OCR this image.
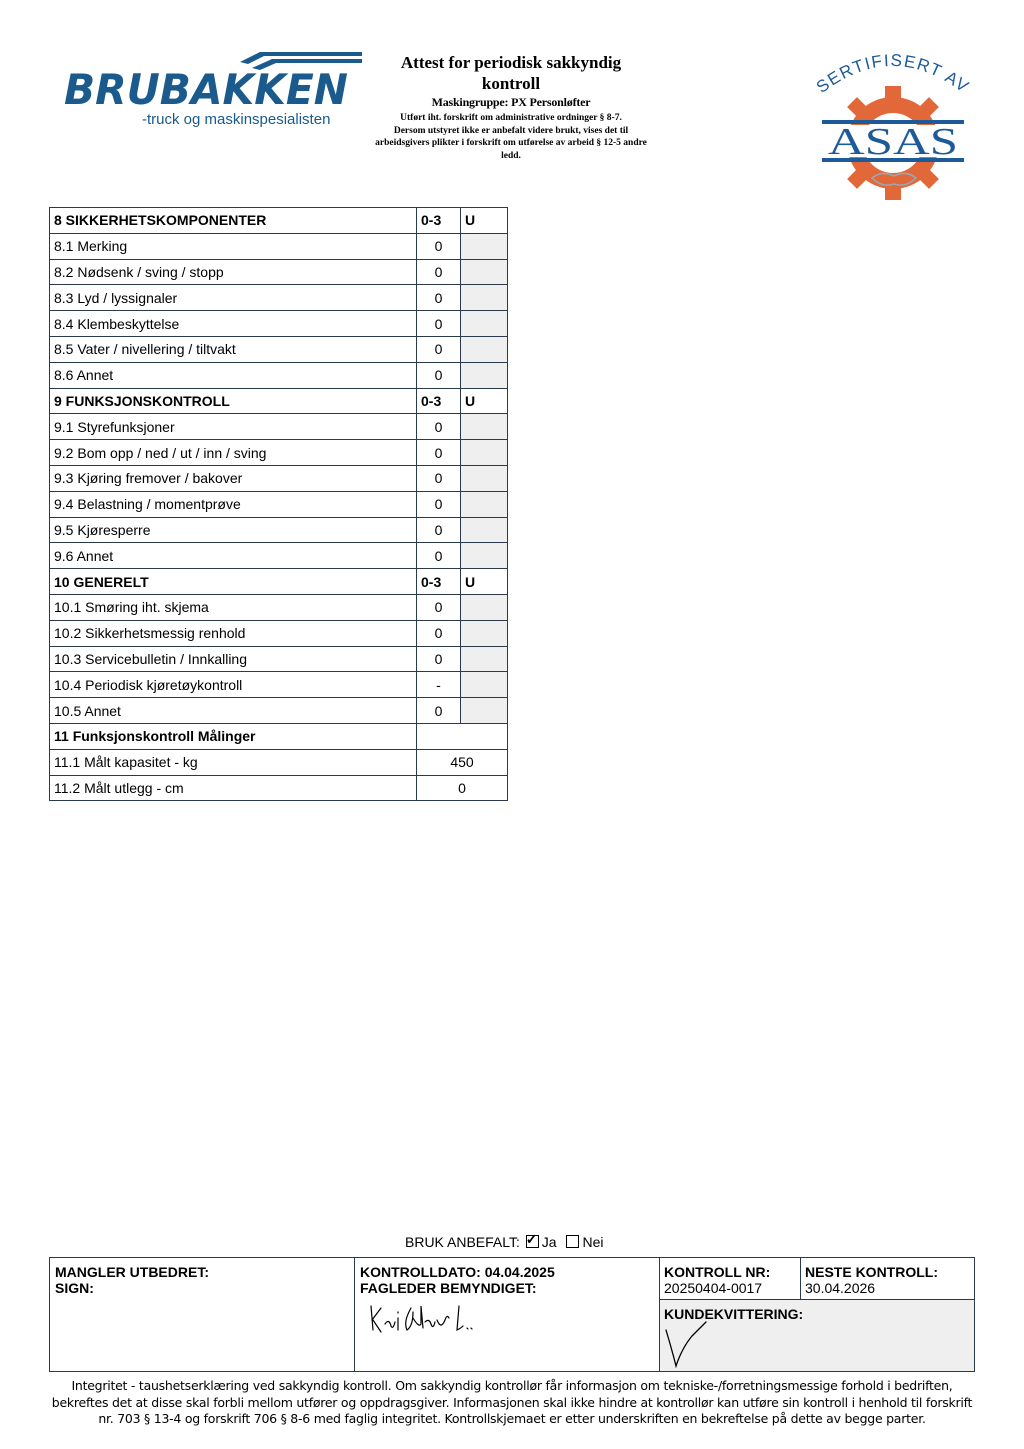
BRUBAKKEN
-truck og maskinspesialisten
Attest for periodisk sakkyndig
kontroll
Maskingruppe: PX Personløfter
Utført iht. forskrift om administrative ordninger § 8-7.
Dersom utstyret ikke er anbefalt videre brukt, vises det til
arbeidsgivers plikter i forskrift om utførelse av arbeid § 12-5 andre
ledd.
SERTIFISERT AV
ASAS
8 SIKKERHETSKOMPONENTER	0-3	U
8.1 Merking	0	
8.2 Nødsenk / sving / stopp	0	
8.3 Lyd / lyssignaler	0	
8.4 Klembeskyttelse	0	
8.5 Vater / nivellering / tiltvakt	0	
8.6 Annet	0	
9 FUNKSJONSKONTROLL	0-3	U
9.1 Styrefunksjoner	0	
9.2 Bom opp / ned / ut / inn / sving	0	
9.3 Kjøring fremover / bakover	0	
9.4 Belastning / momentprøve	0	
9.5 Kjøresperre	0	
9.6 Annet	0	
10 GENERELT	0-3	U
10.1 Smøring iht. skjema	0	
10.2 Sikkerhetsmessig renhold	0	
10.3 Servicebulletin / Innkalling	0	
10.4 Periodisk kjøretøykontroll	-	
10.5 Annet	0	
11 Funksjonskontroll Målinger		
11.1 Målt kapasitet - kg	450	
11.2 Målt utlegg - cm	0	
BRUK ANBEFALT: ✓ Ja Nei
MANGLER UTBEDRET:
SIGN:
KONTROLLDATO: 04.04.2025
FAGLEDER BEMYNDIGET:
KONTROLL NR:
20250404-0017
NESTE KONTROLL:
30.04.2026
KUNDEKVITTERING:
Integritet - taushetserklæring ved sakkyndig kontroll. Om sakkyndig kontrollør får informasjon om tekniske-/forretningsmessige forhold i bedriften,
bekreftes det at disse skal forbli mellom utfører og oppdragsgiver. Informasjonen skal ikke hindre at kontrollør kan utføre sin kontroll i henhold til forskrift
nr. 703 § 13-4 og forskrift 706 § 8-6 med faglig integritet. Kontrollskjemaet er etter underskriften en bekreftelse på dette av begge parter.
